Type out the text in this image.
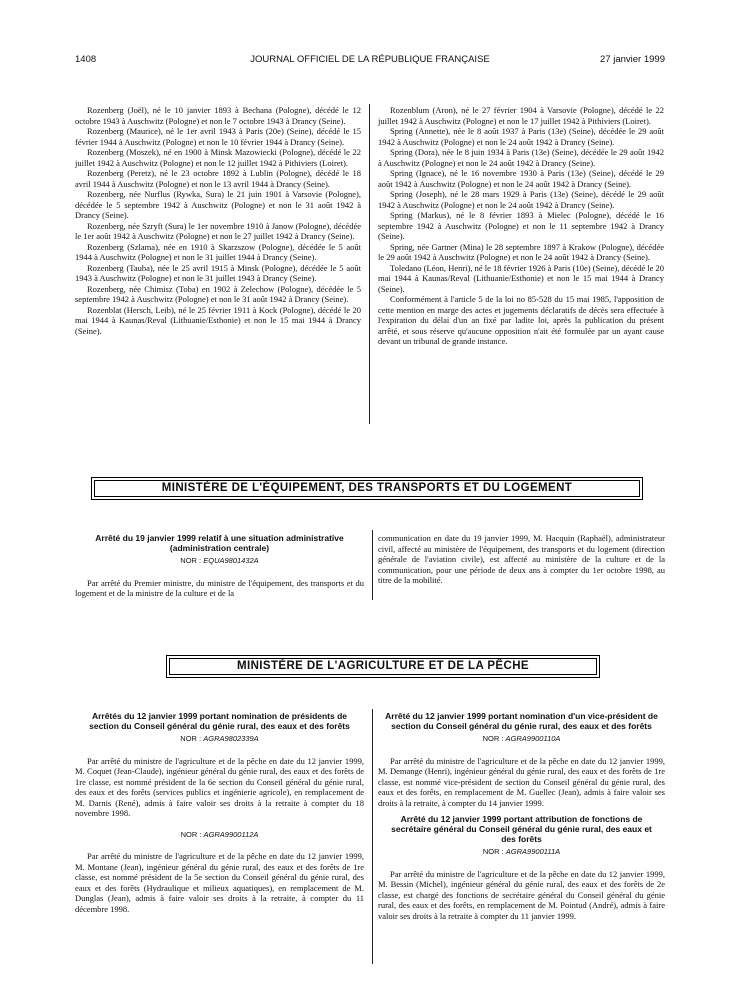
1408	JOURNAL OFFICIEL DE LA RÉPUBLIQUE FRANÇAISE	27 janvier 1999

Rozenberg (Joël), né le 10 janvier 1893 à Bechana (Pologne), décédé le 12 octobre 1943 à Auschwitz (Pologne) et non le 7 octobre 1943 à Drancy (Seine).

Rozenberg (Maurice), né le 1er avril 1943 à Paris (20e) (Seine), décédé le 15 février 1944 à Auschwitz (Pologne) et non le 10 février 1944 à Drancy (Seine).

Rozenberg (Moszek), né en 1900 à Minsk Mazowiecki (Pologne), décédé le 22 juillet 1942 à Auschwitz (Pologne) et non le 12 juillet 1942 à Pithiviers (Loiret).

Rozenberg (Peretz), né le 23 octobre 1892 à Lublin (Pologne), décédé le 18 avril 1944 à Auschwitz (Pologne) et non le 13 avril 1944 à Drancy (Seine).

Rozenberg, née Nurflus (Rywka, Sura) le 21 juin 1901 à Varsovie (Pologne), décédée le 5 septembre 1942 à Auschwitz (Pologne) et non le 31 août 1942 à Drancy (Seine).

Rozenberg, née Szryft (Sura) le 1er novembre 1910 à Janow (Pologne), décédée le 1er août 1942 à Auschwitz (Pologne) et non le 27 juillet 1942 à Drancy (Seine).

Rozenberg (Szlama), née en 1910 à Skarzszow (Pologne), décédée le 5 août 1944 à Auschwitz (Pologne) et non le 31 juillet 1944 à Drancy (Seine).

Rozenberg (Tauba), née le 25 avril 1915 à Minsk (Pologne), décédée le 5 août 1943 à Auschwitz (Pologne) et non le 31 juillet 1943 à Drancy (Seine).

Rozenberg, née Chimisz (Toba) en 1902 à Zelechow (Pologne), décédée le 5 septembre 1942 à Auschwitz (Pologne) et non le 31 août 1942 à Drancy (Seine).

Rozenblat (Hersch, Leib), né le 25 février 1911 à Kock (Pologne), décédé le 20 mai 1944 à Kaunas/Reval (Lithuanie/Esthonie) et non le 15 mai 1944 à Drancy (Seine).

Rozenblum (Aron), né le 27 février 1904 à Varsovie (Pologne), décédé le 22 juillet 1942 à Auschwitz (Pologne) et non le 17 juillet 1942 à Pithiviers (Loiret).

Spring (Annette), née le 8 août 1937 à Paris (13e) (Seine), décédée le 29 août 1942 à Auschwitz (Pologne) et non le 24 août 1942 à Drancy (Seine).

Spring (Dora), née le 8 juin 1934 à Paris (13e) (Seine), décédée le 29 août 1942 à Auschwitz (Pologne) et non le 24 août 1942 à Drancy (Seine).

Spring (Ignace), né le 16 novembre 1930 à Paris (13e) (Seine), décédé le 29 août 1942 à Auschwitz (Pologne) et non le 24 août 1942 à Drancy (Seine).

Spring (Joseph), né le 28 mars 1929 à Paris (13e) (Seine), décédé le 29 août 1942 à Auschwitz (Pologne) et non le 24 août 1942 à Drancy (Seine).

Spring (Markus), né le 8 février 1893 à Mielec (Pologne), décédé le 16 septembre 1942 à Auschwitz (Pologne) et non le 11 septembre 1942 à Drancy (Seine).

Spring, née Gartner (Mina) le 28 septembre 1897 à Krakow (Pologne), décédée le 29 août 1942 à Auschwitz (Pologne) et non le 24 août 1942 à Drancy (Seine).

Toledano (Léon, Henri), né le 18 février 1926 à Paris (10e) (Seine), décédé le 20 mai 1944 à Kaunas/Reval (Lithuanie/Esthonie) et non le 15 mai 1944 à Drancy (Seine).

Conformément à l'article 5 de la loi no 85-528 du 15 mai 1985, l'apposition de cette mention en marge des actes et jugements déclaratifs de décès sera effectuée à l'expiration du délai d'un an fixé par ladite loi, après la publication du présent arrêté, et sous réserve qu'aucune opposition n'ait été formulée par un ayant cause devant un tribunal de grande instance.

MINISTÈRE DE L'ÉQUIPEMENT, DES TRANSPORTS ET DU LOGEMENT
Arrêté du 19 janvier 1999 relatif à une situation administrative (administration centrale)
NOR : EQUA9801432A

Par arrêté du Premier ministre, du ministre de l'équipement, des transports et du logement et de la ministre de la culture et de la

communication en date du 19 janvier 1999, M. Hacquin (Raphaël), administrateur civil, affecté au ministère de l'équipement, des transports et du logement (direction générale de l'aviation civile), est affecté au ministère de la culture et de la communication, pour une période de deux ans à compter du 1er octobre 1998, au titre de la mobilité.

MINISTÈRE DE L'AGRICULTURE ET DE LA PÊCHE
Arrêtés du 12 janvier 1999 portant nomination de présidents de section du Conseil général du génie rural, des eaux et des forêts
NOR : AGRA9802339A

Par arrêté du ministre de l'agriculture et de la pêche en date du 12 janvier 1999, M. Coquet (Jean-Claude), ingénieur général du génie rural, des eaux et des forêts de 1re classe, est nommé président de la 6e section du Conseil général du génie rural, des eaux et des forêts (services publics et ingénierie agricole), en remplacement de M. Darnis (René), admis à faire valoir ses droits à la retraite à compter du 18 novembre 1998.

NOR : AGRA9900112A

Par arrêté du ministre de l'agriculture et de la pêche en date du 12 janvier 1999, M. Montane (Jean), ingénieur général du génie rural, des eaux et des forêts de 1re classe, est nommé président de la 5e section du Conseil général du génie rural, des eaux et des forêts (Hydraulique et milieux aquatiques), en remplacement de M. Dunglas (Jean), admis à faire valoir ses droits à la retraite, à compter du 11 décembre 1998.

Arrêté du 12 janvier 1999 portant nomination d'un vice-président de section du Conseil général du génie rural, des eaux et des forêts
NOR : AGRA9900110A

Par arrêté du ministre de l'agriculture et de la pêche en date du 12 janvier 1999, M. Demange (Henri), ingénieur général du génie rural, des eaux et des forêts de 1re classe, est nommé vice-président de section du Conseil général du génie rural, des eaux et des forêts, en remplacement de M. Guellec (Jean), admis à faire valoir ses droits à la retraite, à compter du 14 janvier 1999.

Arrêté du 12 janvier 1999 portant attribution de fonctions de secrétaire général du Conseil général du génie rural, des eaux et des forêts
NOR : AGRA9900111A

Par arrêté du ministre de l'agriculture et de la pêche en date du 12 janvier 1999, M. Bessin (Michel), ingénieur général du génie rural, des eaux et des forêts de 2e classe, est chargé des fonctions de secrétaire général du Conseil général du génie rural, des eaux et des forêts, en remplacement de M. Pointud (André), admis à faire valoir ses droits à la retraite à compter du 11 janvier 1999.
